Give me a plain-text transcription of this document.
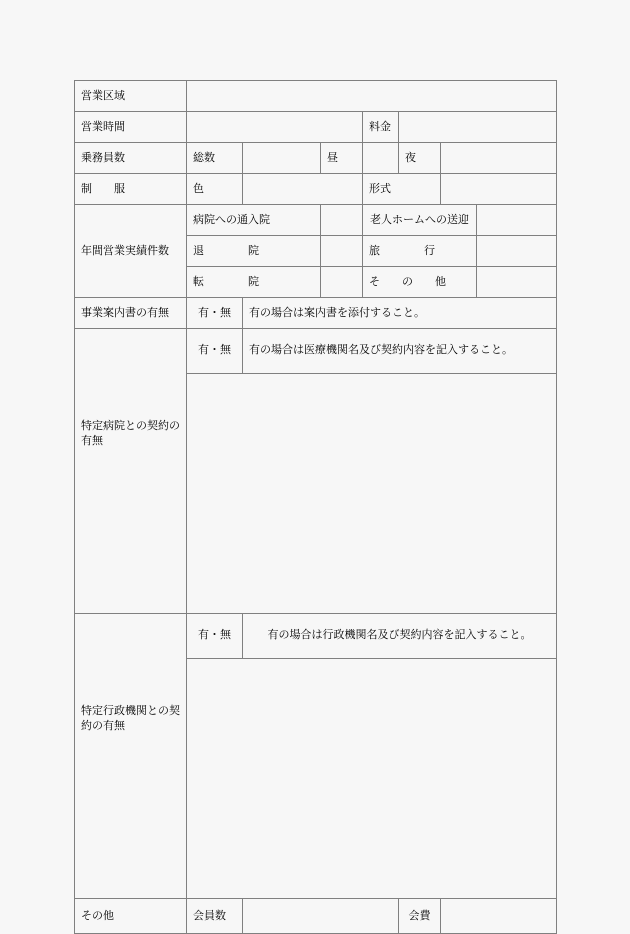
営業区域							
営業時間				料金			
乗務員数	総数		昼		夜		
制　　服	色			形式			
年間営業実績件数	病院への通入院			老人ホームへの送迎			
	退　　　　院			旅　　　　行			
	転　　　　院			そ　　の　　他			
事業案内書の有無	有・無	有の場合は案内書を添付すること。					
特定病院との契約の有無	有・無	有の場合は医療機関名及び契約内容を記入すること。					

特定行政機関との契約の有無	有・無	有の場合は行政機関名及び契約内容を記入すること。					

その他	会員数				会費		
